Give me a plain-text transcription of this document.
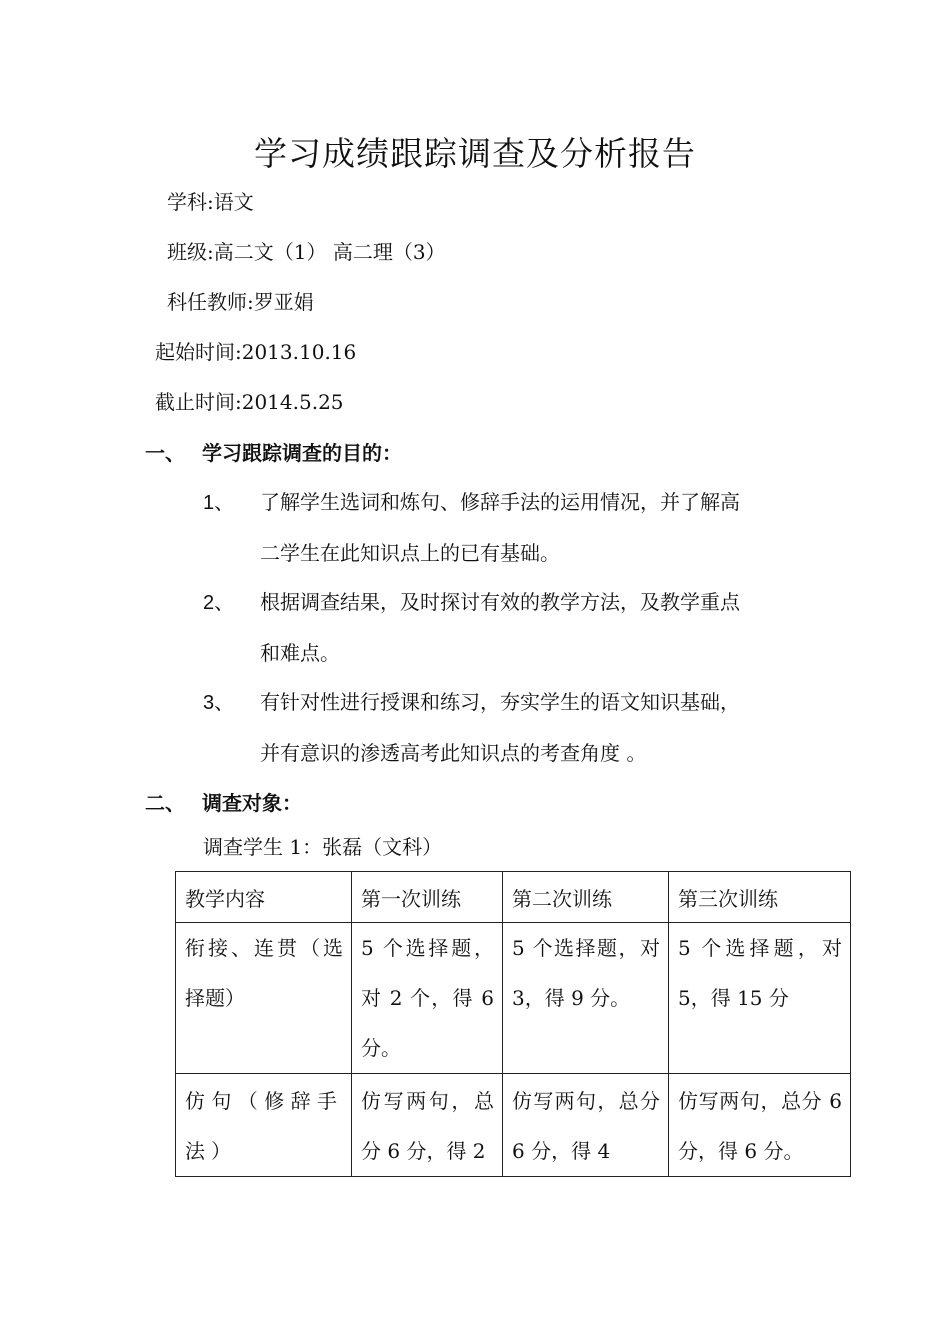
学习成绩跟踪调查及分析报告
学科:语文
班级:高二文（1） 高二理（3）
科任教师:罗亚娟
起始时间:2013.10.16
截止时间:2014.5.25
一、 学习跟踪调查的目的：
1、 了解学生选词和炼句、修辞手法的运用情况，并了解高
二学生在此知识点上的已有基础。
2、 根据调查结果，及时探讨有效的教学方法，及教学重点
和难点。
3、 有针对性进行授课和练习，夯实学生的语文知识基础，
并有意识的渗透高考此知识点的考查角度 。
二、 调查对象：
调查学生 1：张磊（文科）
教学内容	第一次训练	第二次训练	第三次训练
衔接、连贯（选择题）	5 个选择题，对 2 个，得 6 分。	5 个选择题，对 3，得 9 分。	5 个选择题，对 5，得 15 分
仿句（修辞手法）	仿写两句，总分 6 分，得 2	仿写两句，总分 6 分，得 4	仿写两句，总分 6 分，得 6 分。
